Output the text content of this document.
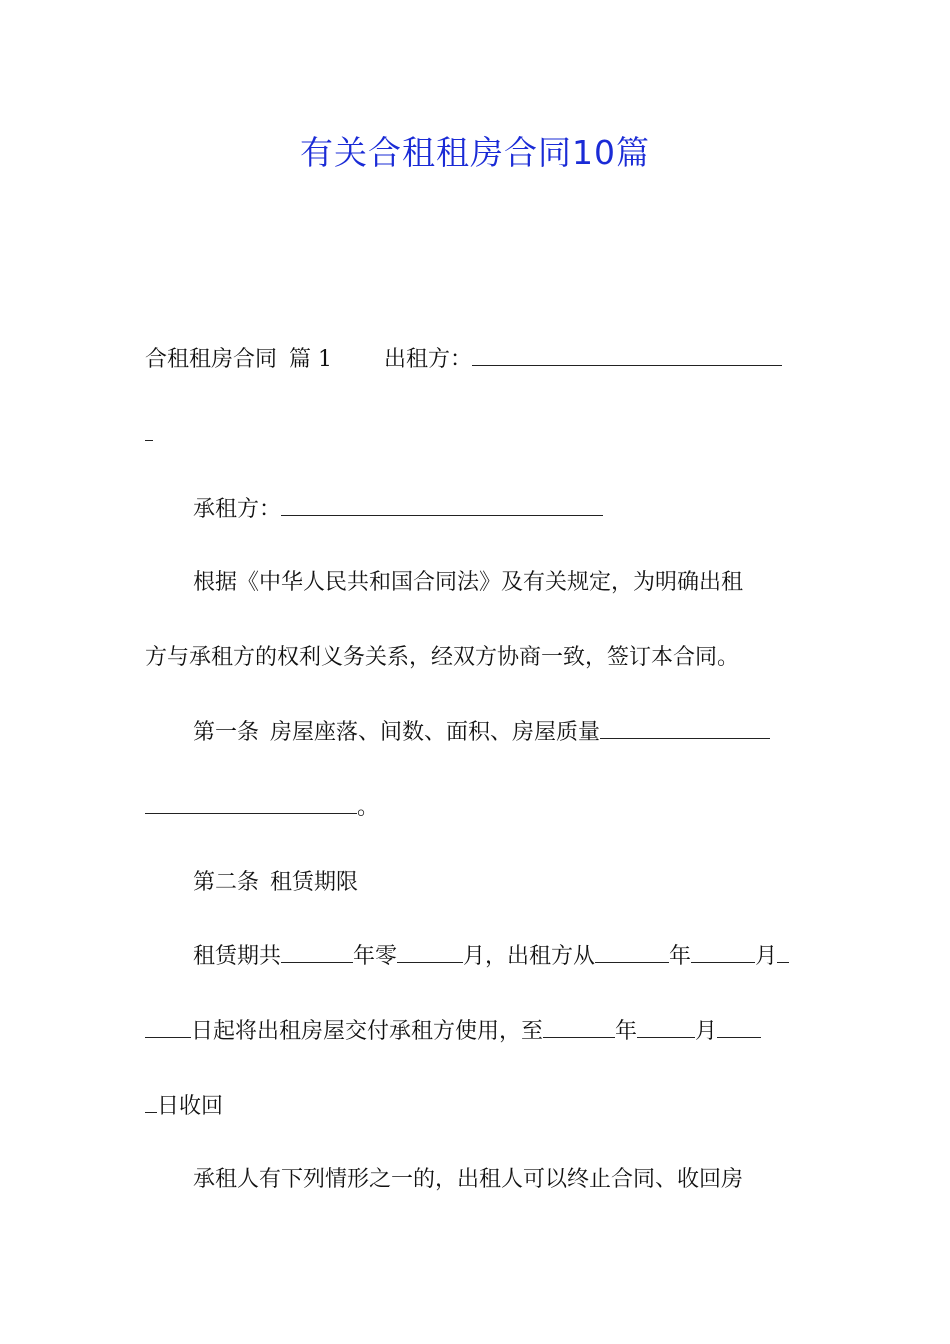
有关合租租房合同10篇
合租租房合同 篇 1 出租方：
承租方：
根据《中华人民共和国合同法》及有关规定，为明确出租
方与承租方的权利义务关系，经双方协商一致，签订本合同。
第一条 房屋座落、间数、面积、房屋质量
。
第二条 租赁期限
租赁期共	年零	月，出租方从	年	月
日起将出租房屋交付承租方使用，至	年	月
日收回
承租人有下列情形之一的，出租人可以终止合同、收回房
